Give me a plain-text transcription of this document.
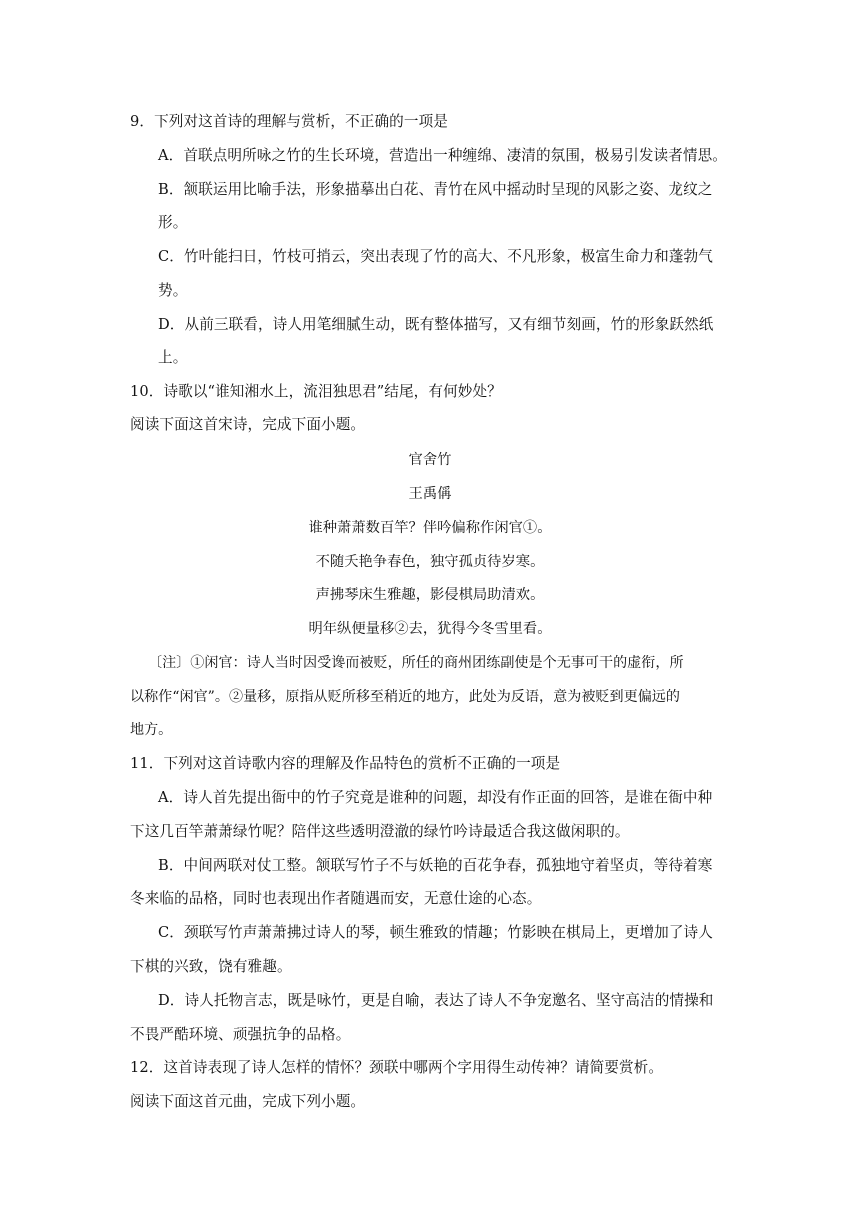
9．下列对这首诗的理解与赏析，不正确的一项是
A．首联点明所咏之竹的生长环境，营造出一种缠绵、凄清的氛围，极易引发读者情思。
B．颔联运用比喻手法，形象描摹出白花、青竹在风中摇动时呈现的风影之姿、龙纹之
形。
C．竹叶能扫日，竹枝可捎云，突出表现了竹的高大、不凡形象，极富生命力和蓬勃气
势。
D．从前三联看，诗人用笔细腻生动，既有整体描写，又有细节刻画，竹的形象跃然纸
上。
10．诗歌以“谁知湘水上，流泪独思君”结尾，有何妙处？
阅读下面这首宋诗，完成下面小题。
官舍竹
王禹偁
谁种萧萧数百竿？伴吟偏称作闲官①。
不随夭艳争春色，独守孤贞待岁寒。
声拂琴床生雅趣，影侵棋局助清欢。
明年纵便量移②去，犹得今冬雪里看。
〔注〕①闲官：诗人当时因受谗而被贬，所任的商州团练副使是个无事可干的虚衔，所
以称作“闲官”。②量移，原指从贬所移至稍近的地方，此处为反语，意为被贬到更偏远的
地方。
11．下列对这首诗歌内容的理解及作品特色的赏析不正确的一项是
A．诗人首先提出衙中的竹子究竟是谁种的问题，却没有作正面的回答，是谁在衙中种
下这几百竿萧萧绿竹呢？陪伴这些透明澄澈的绿竹吟诗最适合我这做闲职的。
B．中间两联对仗工整。颔联写竹子不与妖艳的百花争春，孤独地守着坚贞，等待着寒
冬来临的品格，同时也表现出作者随遇而安，无意仕途的心态。
C．颈联写竹声萧萧拂过诗人的琴，顿生雅致的情趣；竹影映在棋局上，更增加了诗人
下棋的兴致，饶有雅趣。
D．诗人托物言志，既是咏竹，更是自喻，表达了诗人不争宠邀名、坚守高洁的情操和
不畏严酷环境、顽强抗争的品格。
12．这首诗表现了诗人怎样的情怀？颈联中哪两个字用得生动传神？请简要赏析。
阅读下面这首元曲，完成下列小题。
